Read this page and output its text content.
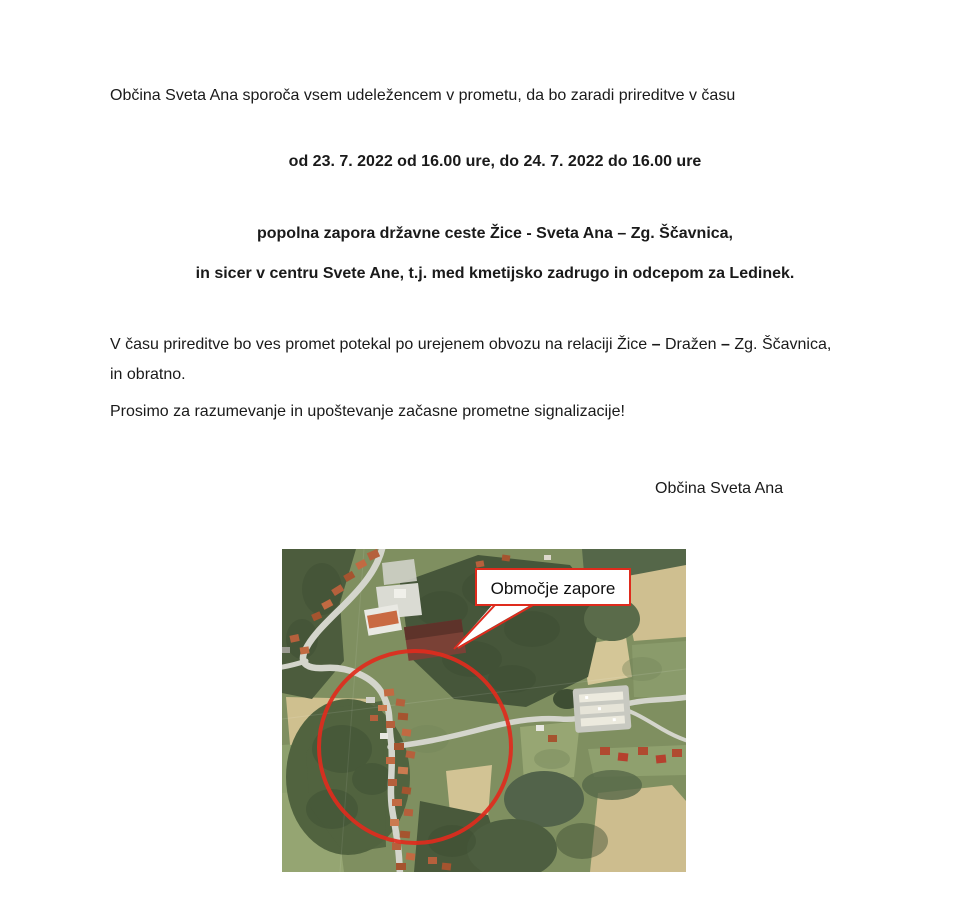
Občina Sveta Ana sporoča vsem udeležencem v prometu, da bo zaradi prireditve v času
od 23. 7. 2022 od 16.00 ure, do 24. 7. 2022 do 16.00 ure
popolna zapora državne ceste Žice - Sveta Ana – Zg. Ščavnica,
in sicer v centru Svete Ane, t.j. med kmetijsko zadrugo in odcepom za Ledinek.
V času prireditve bo ves promet potekal po urejenem obvozu na relaciji Žice – Dražen – Zg. Ščavnica,
in obratno.
Prosimo za razumevanje in upoštevanje začasne prometne signalizacije!
Občina Sveta Ana
Območje zapore
